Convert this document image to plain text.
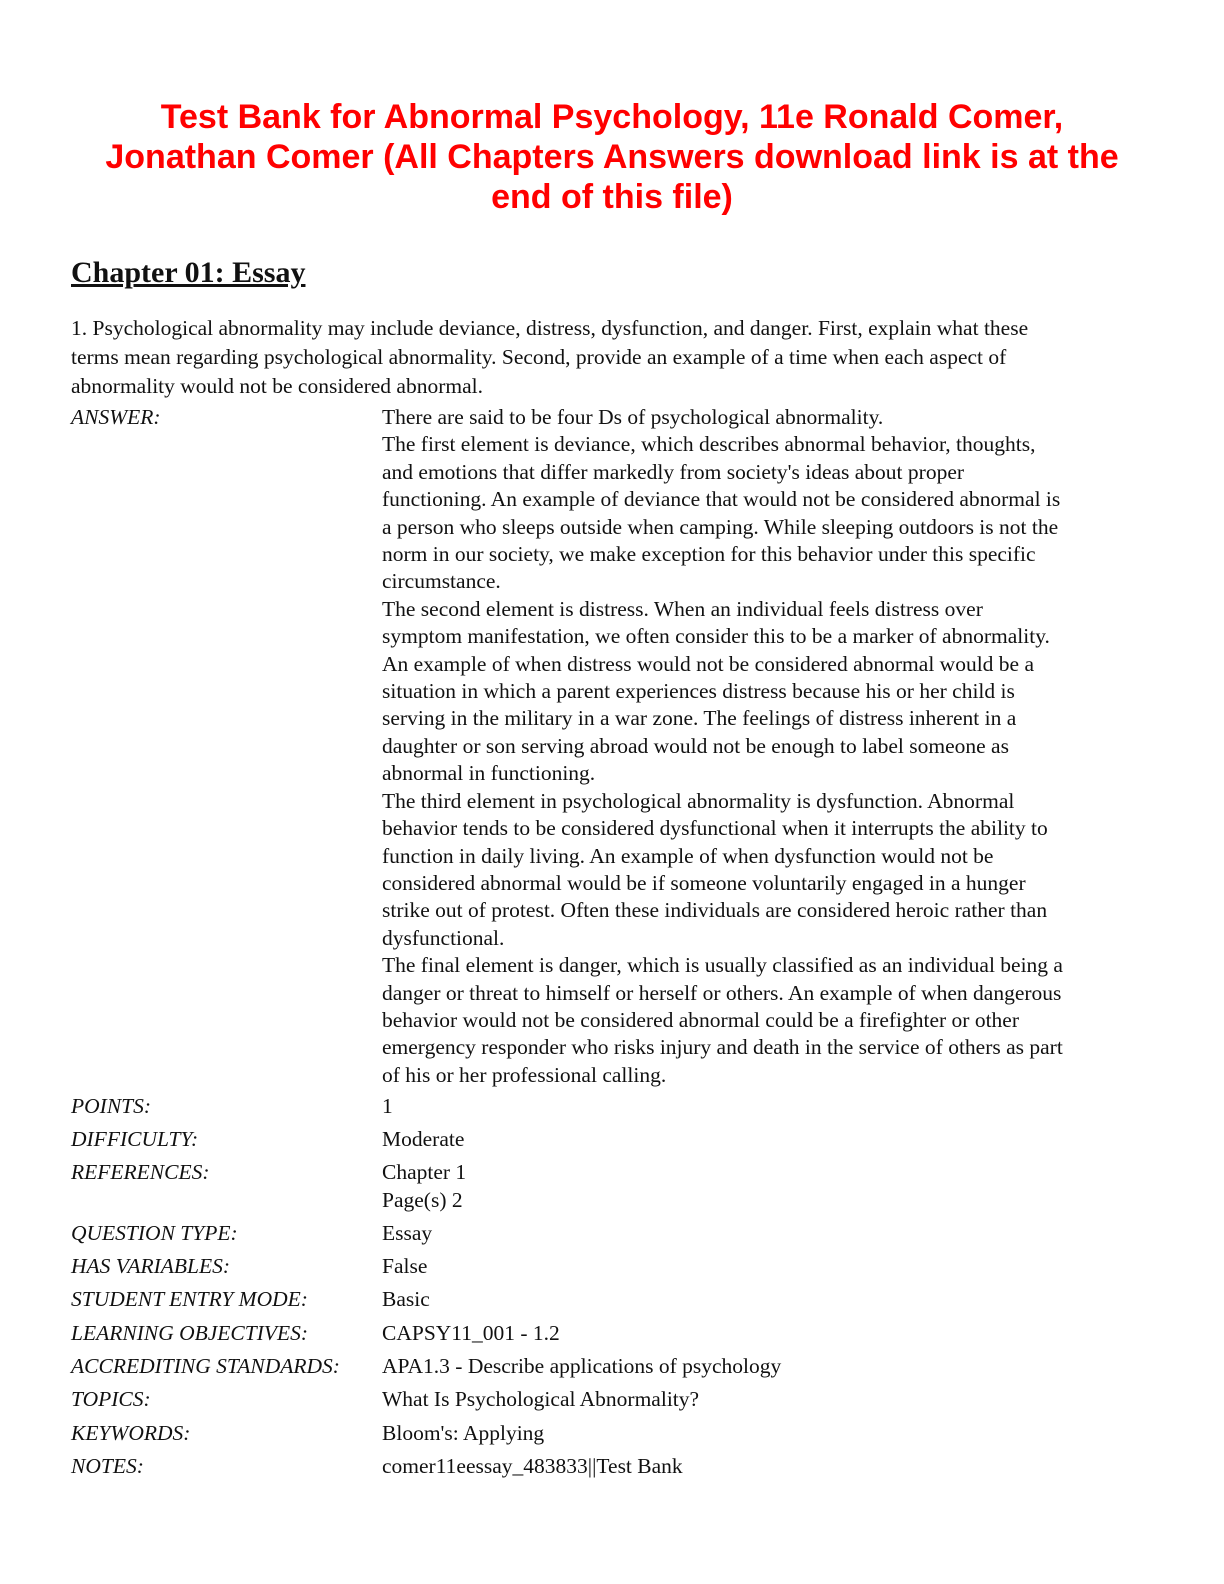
Test Bank for Abnormal Psychology, 11e Ronald Comer,
Jonathan Comer (All Chapters Answers download link is at the
end of this file)
Chapter 01: Essay
1. Psychological abnormality may include deviance, distress, dysfunction, and danger. First, explain what these
terms mean regarding psychological abnormality. Second, provide an example of a time when each aspect of
abnormality would not be considered abnormal.
ANSWER:	There are said to be four Ds of psychological abnormality.
The first element is deviance, which describes abnormal behavior, thoughts,
and emotions that differ markedly from society's ideas about proper
functioning. An example of deviance that would not be considered abnormal is
a person who sleeps outside when camping. While sleeping outdoors is not the
norm in our society, we make exception for this behavior under this specific
circumstance.
The second element is distress. When an individual feels distress over
symptom manifestation, we often consider this to be a marker of abnormality.
An example of when distress would not be considered abnormal would be a
situation in which a parent experiences distress because his or her child is
serving in the military in a war zone. The feelings of distress inherent in a
daughter or son serving abroad would not be enough to label someone as
abnormal in functioning.
The third element in psychological abnormality is dysfunction. Abnormal
behavior tends to be considered dysfunctional when it interrupts the ability to
function in daily living. An example of when dysfunction would not be
considered abnormal would be if someone voluntarily engaged in a hunger
strike out of protest. Often these individuals are considered heroic rather than
dysfunctional.
The final element is danger, which is usually classified as an individual being a
danger or threat to himself or herself or others. An example of when dangerous
behavior would not be considered abnormal could be a firefighter or other
emergency responder who risks injury and death in the service of others as part
of his or her professional calling.
POINTS:	1
DIFFICULTY:	Moderate
REFERENCES:	Chapter 1
Page(s) 2
QUESTION TYPE:	Essay
HAS VARIABLES:	False
STUDENT ENTRY MODE:	Basic
LEARNING OBJECTIVES:	CAPSY11_001 - 1.2
ACCREDITING STANDARDS: APA1.3 - Describe applications of psychology
TOPICS:	What Is Psychological Abnormality?
KEYWORDS:	Bloom's: Applying
NOTES:	comer11eessay_483833||Test Bank
